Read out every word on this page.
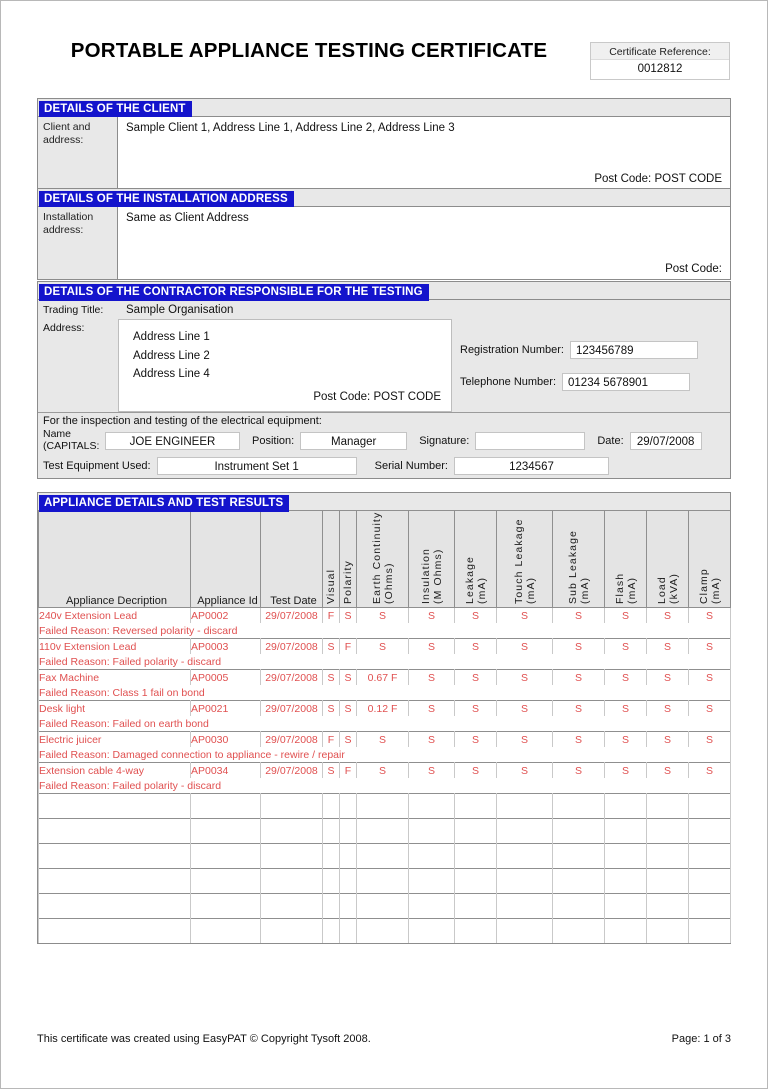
PORTABLE APPLIANCE TESTING CERTIFICATE	Certificate Reference:
0012812
DETAILS OF THE CLIENT
Client and address:
Sample Client 1, Address Line 1, Address Line 2, Address Line 3
Post Code: POST CODE
DETAILS OF THE INSTALLATION ADDRESS
Installation address:
Same as Client Address
Post Code:
DETAILS OF THE CONTRACTOR RESPONSIBLE FOR THE TESTING
Trading Title:	Sample Organisation
Address:
Address Line 1
Address Line 2
Address Line 4
Post Code: POST CODE
Registration Number:	123456789
Telephone Number:	01234 5678901
For the inspection and testing of the electrical equipment:
Name (CAPITALS:	JOE ENGINEER	Position:	Manager	Signature:	Date:	29/07/2008
Test Equipment Used:	Instrument Set 1	Serial Number:	1234567
APPLIANCE DETAILS AND TEST RESULTS
Appliance Decription	Appliance Id	Test Date	Visual	Polarity	Earth Continuity (Ohms)	Insulation (M Ohms)	Leakage (mA)	Touch Leakage (mA)	Sub Leakage (mA)	Flash (mA)	Load (kVA)	Clamp (mA)

240v Extension Lead	AP0002	29/07/2008	F	S	S	S	S	S	S	S	S	S
Failed Reason: Reversed polarity - discard												
110v Extension Lead	AP0003	29/07/2008	S	F	S	S	S	S	S	S	S	S
Failed Reason: Failed polarity - discard												
Fax Machine	AP0005	29/07/2008	S	S	0.67 F	S	S	S	S	S	S	S
Failed Reason: Class 1 fail on bond												
Desk light	AP0021	29/07/2008	S	S	0.12 F	S	S	S	S	S	S	S
Failed Reason: Failed on earth bond												
Electric juicer	AP0030	29/07/2008	F	S	S	S	S	S	S	S	S	S
Failed Reason: Damaged connection to appliance - rewire / repair												
Extension cable 4-way	AP0034	29/07/2008	S	F	S	S	S	S	S	S	S	S
Failed Reason: Failed polarity - discard												

This certificate was created using EasyPAT © Copyright Tysoft 2008.	Page: 1 of 3
